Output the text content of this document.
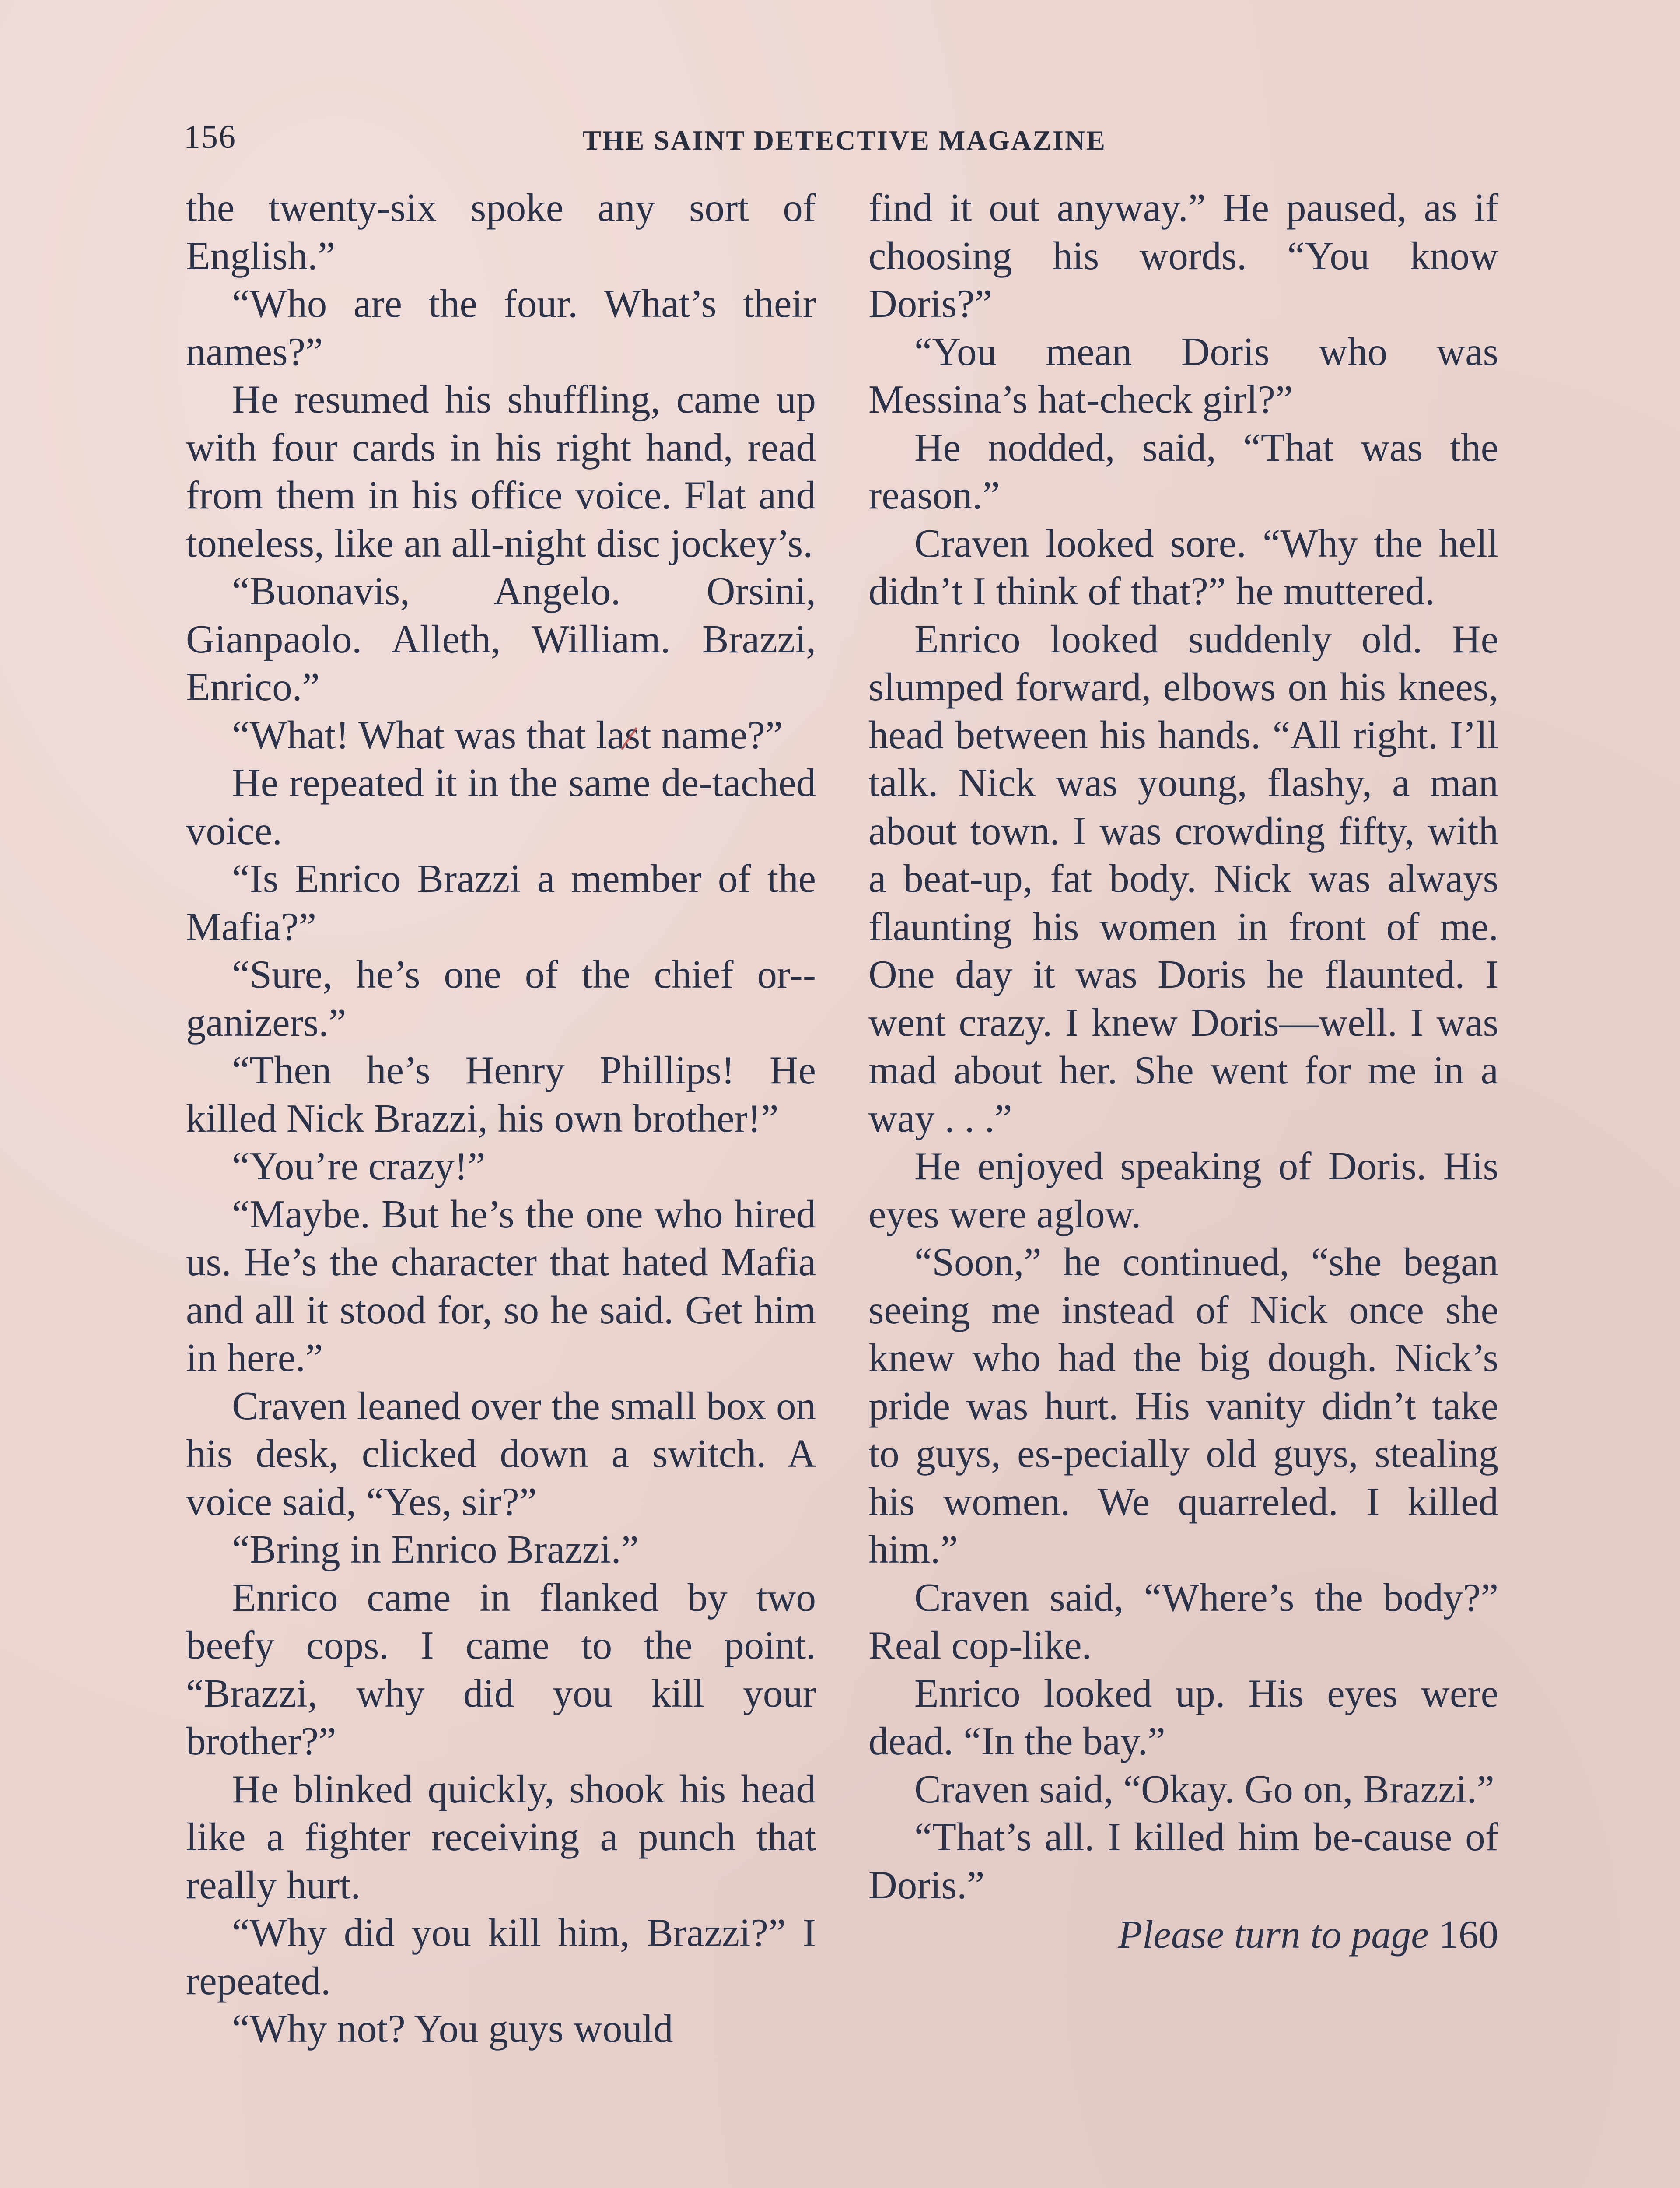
156	THE SAINT DETECTIVE MAGAZINE

the twenty-six spoke any sort of English.”

“Who are the four. What’s their names?”

He resumed his shuffling, came up with four cards in his right hand, read from them in his office voice. Flat and toneless, like an all-night disc jockey’s.

“Buonavis, Angelo. Orsini, Gianpaolo. Alleth, William. Brazzi, Enrico.”

“What! What was that last name?”

He repeated it in the same de-tached voice.

“Is Enrico Brazzi a member of the Mafia?”

“Sure, he’s one of the chief or-ganizers.”

“Then he’s Henry Phillips! He killed Nick Brazzi, his own brother!”

“You’re crazy!”

“Maybe. But he’s the one who hired us. He’s the character that hated Mafia and all it stood for, so he said. Get him in here.”

Craven leaned over the small box on his desk, clicked down a switch. A voice said, “Yes, sir?”

“Bring in Enrico Brazzi.”

Enrico came in flanked by two beefy cops. I came to the point. “Brazzi, why did you kill your brother?”

He blinked quickly, shook his head like a fighter receiving a punch that really hurt.

“Why did you kill him, Brazzi?” I repeated.

“Why not? You guys would

find it out anyway.” He paused, as if choosing his words. “You know Doris?”

“You mean Doris who was Messina’s hat-check girl?”

He nodded, said, “That was the reason.”

Craven looked sore. “Why the hell didn’t I think of that?” he muttered.

Enrico looked suddenly old. He slumped forward, elbows on his knees, head between his hands. “All right. I’ll talk. Nick was young, flashy, a man about town. I was crowding fifty, with a beat-up, fat body. Nick was always flaunting his women in front of me. One day it was Doris he flaunted. I went crazy. I knew Doris—well. I was mad about her. She went for me in a way . . .”

He enjoyed speaking of Doris. His eyes were aglow.

“Soon,” he continued, “she began seeing me instead of Nick once she knew who had the big dough. Nick’s pride was hurt. His vanity didn’t take to guys, es-pecially old guys, stealing his women. We quarreled. I killed him.”

Craven said, “Where’s the body?” Real cop-like.

Enrico looked up. His eyes were dead. “In the bay.”

Craven said, “Okay. Go on, Brazzi.”

“That’s all. I killed him be-cause of Doris.”

Please turn to page 160
